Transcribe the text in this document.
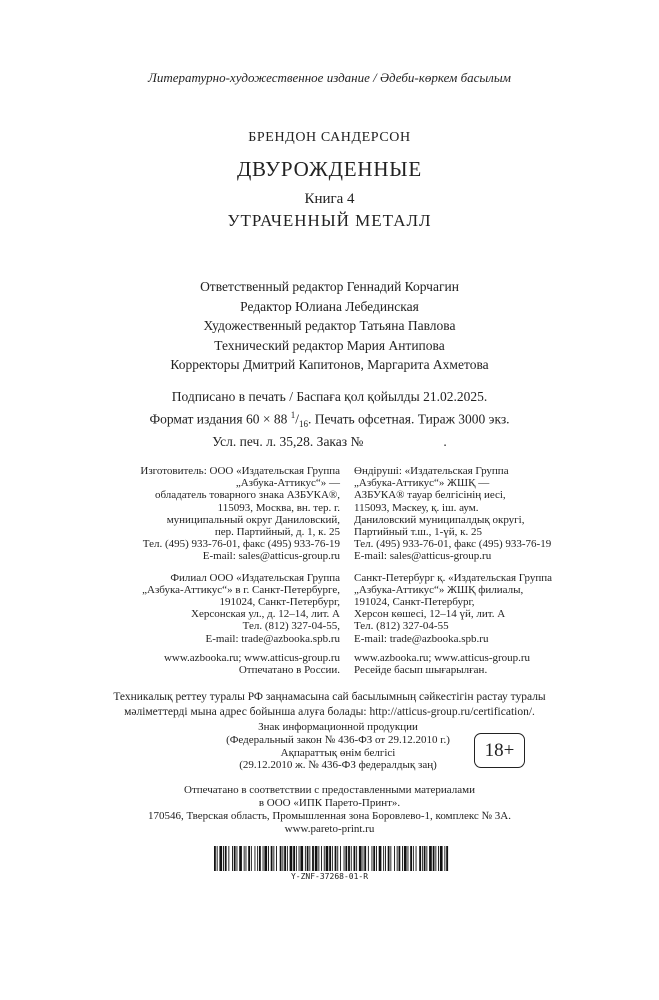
Литературно-художественное издание / Әдеби-көркем басылым
БРЕНДОН САНДЕРСОН
ДВУРОЖДЕННЫЕ
Книга 4
УТРАЧЕННЫЙ МЕТАЛЛ
Ответственный редактор Геннадий Корчагин
Редактор Юлиана Лебединская
Художественный редактор Татьяна Павлова
Технический редактор Мария Антипова
Корректоры Дмитрий Капитонов, Маргарита Ахметова
Подписано в печать / Баспаға қол қойылды 21.02.2025.
Формат издания 60 × 88 $^1/_{16}$. Печать офсетная. Тираж 3000 экз.
Усл. печ. л. 35,28. Заказ №	.
Изготовитель: ООО «Издательская Группа
„Азбука-Аттикус“» —
обладатель товарного знака АЗБУКА®,
115093, Москва, вн. тер. г.
муниципальный округ Даниловский,
пер. Партийный, д. 1, к. 25
Тел. (495) 933-76-01, факс (495) 933-76-19
E-mail: sales@atticus-group.ru
Филиал ООО «Издательская Группа
„Азбука-Аттикус“» в г. Санкт-Петербурге,
191024, Санкт-Петербург,
Херсонская ул., д. 12–14, лит. А
Тел. (812) 327-04-55,
E-mail: trade@azbooka.spb.ru
www.azbooka.ru; www.atticus-group.ru
Отпечатано в России.
Өндіруші: «Издательская Группа
„Азбука-Аттикус“» ЖШҚ —
АЗБУКА® тауар белгісінің иесі,
115093, Мәскеу, қ. іш. аум.
Даниловский муниципалдық округі,
Партийный т.ш., 1-үй, к. 25
Тел. (495) 933-76-01, факс (495) 933-76-19
E-mail: sales@atticus-group.ru
Санкт-Петербург қ. «Издательская Группа
„Азбука-Аттикус“» ЖШҚ филиалы,
191024, Санкт-Петербург,
Херсон көшесі, 12–14 үй, лит. А
Тел. (812) 327-04-55
E-mail: trade@azbooka.spb.ru
www.azbooka.ru; www.atticus-group.ru
Ресейде басып шығарылған.
Техникалық реттеу туралы РФ заңнамасына сай басылымның сәйкестігін растау туралы
мәліметтерді мына адрес бойынша алуға болады: http://atticus-group.ru/certification/.
Знак информационной продукции
(Федеральный закон № 436-ФЗ от 29.12.2010 г.)
Ақпараттық өнім белгісі
(29.12.2010 ж. № 436-ФЗ федералдық заң)
18+
Отпечатано в соответствии с предоставленными материалами
в ООО «ИПК Парето-Принт».
170546, Тверская область, Промышленная зона Боровлево-1, комплекс № 3А.
www.pareto-print.ru
Y-ZNF-37268-01-R
